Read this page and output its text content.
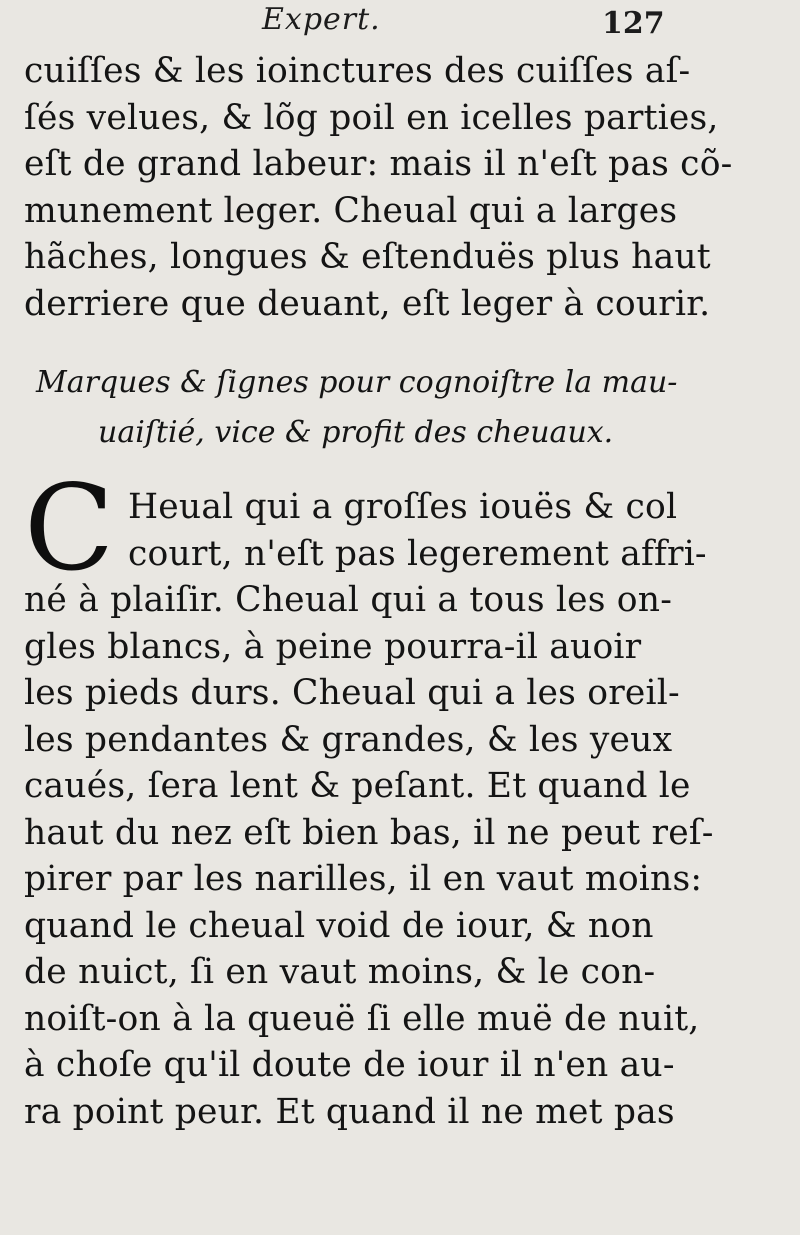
Expert.	127
cuiſſes & les ioinctures des cuiſſes aſ-
ſés velues, & lõg poil en icelles parties,
eſt de grand labeur: mais il n'eſt pas cõ-
munement leger. Cheual qui a larges
hãches, longues & eſtenduës plus haut
derriere que deuant, eſt leger à courir.
Marques & ſignes pour cognoiſtre la mau-
uaiſtié, vice & profit des cheuaux.
C Heual qui a groſſes iouës & col
court, n'eſt pas legerement affri-
né à plaiſir. Cheual qui a tous les on-
gles blancs, à peine pourra-il auoir
les pieds durs. Cheual qui a les oreil-
les pendantes & grandes, & les yeux
caués, ſera lent & peſant. Et quand le
haut du nez eſt bien bas, il ne peut reſ-
pirer par les narilles, il en vaut moins:
quand le cheual void de iour, & non
de nuict, ſi en vaut moins, & le con-
noiſt-on à la queuë ſi elle muë de nuit,
à choſe qu'il doute de iour il n'en au-
ra point peur. Et quand il ne met pas
